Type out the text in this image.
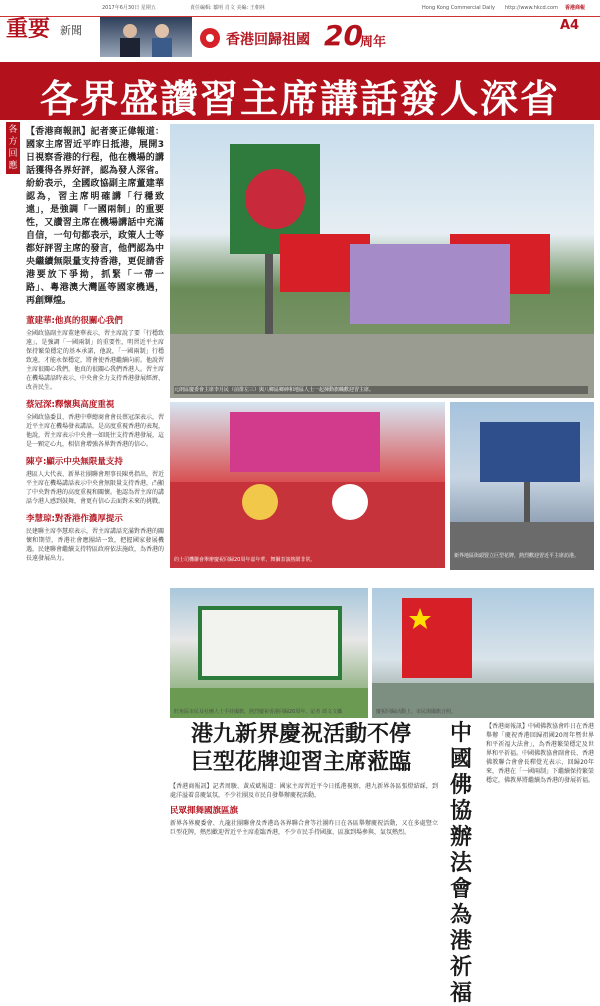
2017年6月30日 星期五	責任編輯: 鄒明 肖文 美編: 王朝林	Hong Kong Commercial Daily http://www.hkcd.com 香港商報
重要 新聞
香港回歸祖國 20
周年
A4
各界盛讚習主席講話發人深省
各方回應
【香港商報訊】記者麥正偉報道：國家主席習近平昨日抵港，展開3日視察香港的行程，他在機場的講話獲得各界好評，認為發人深省。紛紛表示，全國政協副主席董建華認為，習主席明確講「行穩致遠」，是強調「一國兩制」的重要性，又讚習主席在機場講話中充滿自信，一句句都表示，政策人士等都好評習主席的發言，他們認為中央繼續無限量支持香港，更促請香港要放下爭拗，抓緊「一帶一路」、粵港澳大灣區等國家機遇，再創輝煌。
董建華:他真的很關心我們
全國政協副主席董建華表示，習主席說了要「行穩致遠」，是強調「一國兩制」的重要性，明習近平主席保持繁榮穩定的基本承諾，他說，「一國兩制」行穩致遠，才能永保穩定，將會使香港繼續向前。他說習主席很關心我們，他真的很關心我們香港人。習主席在機場講話時表示，中央會全力支持香港發展經濟、改善民生。
蔡冠深:釋懷與高度重視
全國政協委員、香港中華總商會會長蔡冠深表示，習近平主席在機場發表講話，是高度重視香港的表現，他說，習主席表示中央會一如既往支持香港發展，這是一顆定心丸，相信會增強各界對香港的信心。
陳亨:顯示中央無限量支持
港區人大代表、新界社團聯會理事長陳勇指出，習近平主席在機場講話表示中央會無限量支持香港，凸顯了中央對香港的高度重視和關懷。他認為習主席的講話令港人感到鼓舞，會更有信心去面對未來的挑戰。
李慧琼:對香港作濃厚提示
民建聯主席李慧琼表示，習主席講話充滿對香港的關懷和期望，香港社會應團結一致，把握國家發展機遇，民建聯會繼續支持特區政府依法施政，為香港的長遠發展出力。
元朗區慶委會主席李月民（前排左三）與八鄉區鄉紳和地區人士一起揮動旗幟歡迎習主席。
的士司機聯會舉辦慶祝回歸20周年嘉年華，舞獅表演熱鬧非常。
新界地區街頭豎立巨型花牌，熱烈歡迎習近平主席訪港。
旺角區市民及社團人士手持國旗，熱烈慶祝香港回歸20周年。記者 馮文文攝	慶祝回歸活動上，市民與國旗合照。
港九新界慶祝活動不停
巨型花牌迎習主席蒞臨
【香港商報訊】記者周駿、黃成斌報道：國家主席習近平今日抵港視察，港九新界各區張燈結綵，到處洋溢着喜慶氣氛，不少社團及市民自發舉辦慶祝活動。
民眾揮舞國旗區旗
新界各界慶委會、九龍社團聯會及香港島各界聯合會等社團昨日在各區舉辦慶祝活動，又在多處豎立巨型花牌，熱烈歡迎習近平主席蒞臨香港，不少市民手持國旗、區旗到場參與，氣氛熱烈。
中國佛協辦法會為港祈福
【香港商報訊】中國佛教協會昨日在香港舉辦「慶祝香港回歸祖國20周年暨世界和平祈福大法會」，為香港繁榮穩定及世界和平祈福。中國佛教協會副會長、香港佛教聯合會會長釋覺光表示，回歸20年來，香港在「一國兩制」下繼續保持繁榮穩定，佛教界將繼續為香港的發展祈福。
